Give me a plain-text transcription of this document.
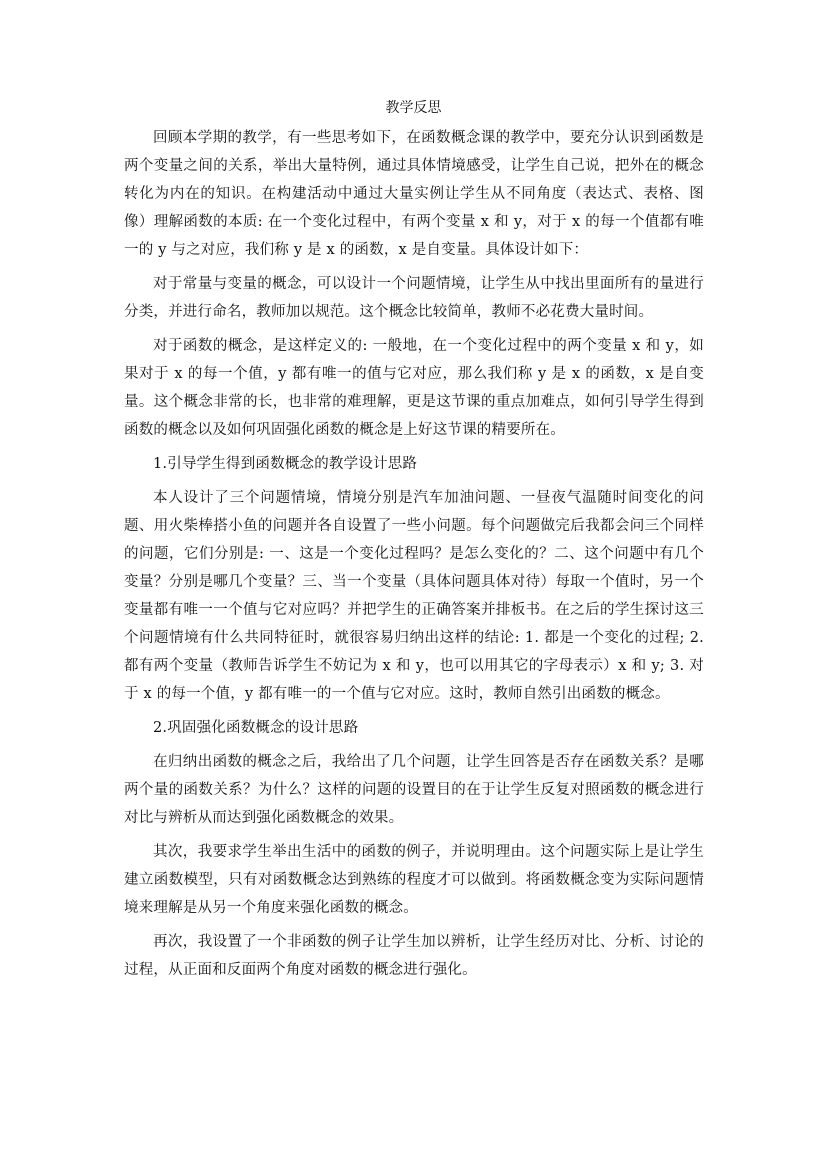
教学反思

回顾本学期的教学，有一些思考如下，在函数概念课的教学中，要充分认识到函数是两个变量之间的关系，举出大量特例，通过具体情境感受，让学生自己说，把外在的概念转化为内在的知识。在构建活动中通过大量实例让学生从不同角度（表达式、表格、图像）理解函数的本质: 在一个变化过程中，有两个变量 x 和 y，对于 x 的每一个值都有唯一的 y 与之对应，我们称 y 是 x 的函数，x 是自变量。具体设计如下：

对于常量与变量的概念，可以设计一个问题情境，让学生从中找出里面所有的量进行分类，并进行命名，教师加以规范。这个概念比较简单，教师不必花费大量时间。

对于函数的概念，是这样定义的: 一般地，在一个变化过程中的两个变量 x 和 y，如果对于 x 的每一个值，y 都有唯一的值与它对应，那么我们称 y 是 x 的函数，x 是自变量。这个概念非常的长，也非常的难理解，更是这节课的重点加难点，如何引导学生得到函数的概念以及如何巩固强化函数的概念是上好这节课的精要所在。

1.引导学生得到函数概念的教学设计思路

本人设计了三个问题情境，情境分别是汽车加油问题、一昼夜气温随时间变化的问题、用火柴棒搭小鱼的问题并各自设置了一些小问题。每个问题做完后我都会问三个同样的问题，它们分别是: 一、这是一个变化过程吗？是怎么变化的？二、这个问题中有几个变量？分别是哪几个变量？三、当一个变量（具体问题具体对待）每取一个值时，另一个变量都有唯一一个值与它对应吗？并把学生的正确答案并排板书。在之后的学生探讨这三个问题情境有什么共同特征时，就很容易归纳出这样的结论: 1. 都是一个变化的过程; 2. 都有两个变量（教师告诉学生不妨记为 x 和 y，也可以用其它的字母表示）x 和 y; 3. 对于 x 的每一个值，y 都有唯一的一个值与它对应。这时，教师自然引出函数的概念。

2.巩固强化函数概念的设计思路

在归纳出函数的概念之后，我给出了几个问题，让学生回答是否存在函数关系？是哪两个量的函数关系？为什么？这样的问题的设置目的在于让学生反复对照函数的概念进行对比与辨析从而达到强化函数概念的效果。

其次，我要求学生举出生活中的函数的例子，并说明理由。这个问题实际上是让学生建立函数模型，只有对函数概念达到熟练的程度才可以做到。将函数概念变为实际问题情境来理解是从另一个角度来强化函数的概念。

再次，我设置了一个非函数的例子让学生加以辨析，让学生经历对比、分析、讨论的过程，从正面和反面两个角度对函数的概念进行强化。
